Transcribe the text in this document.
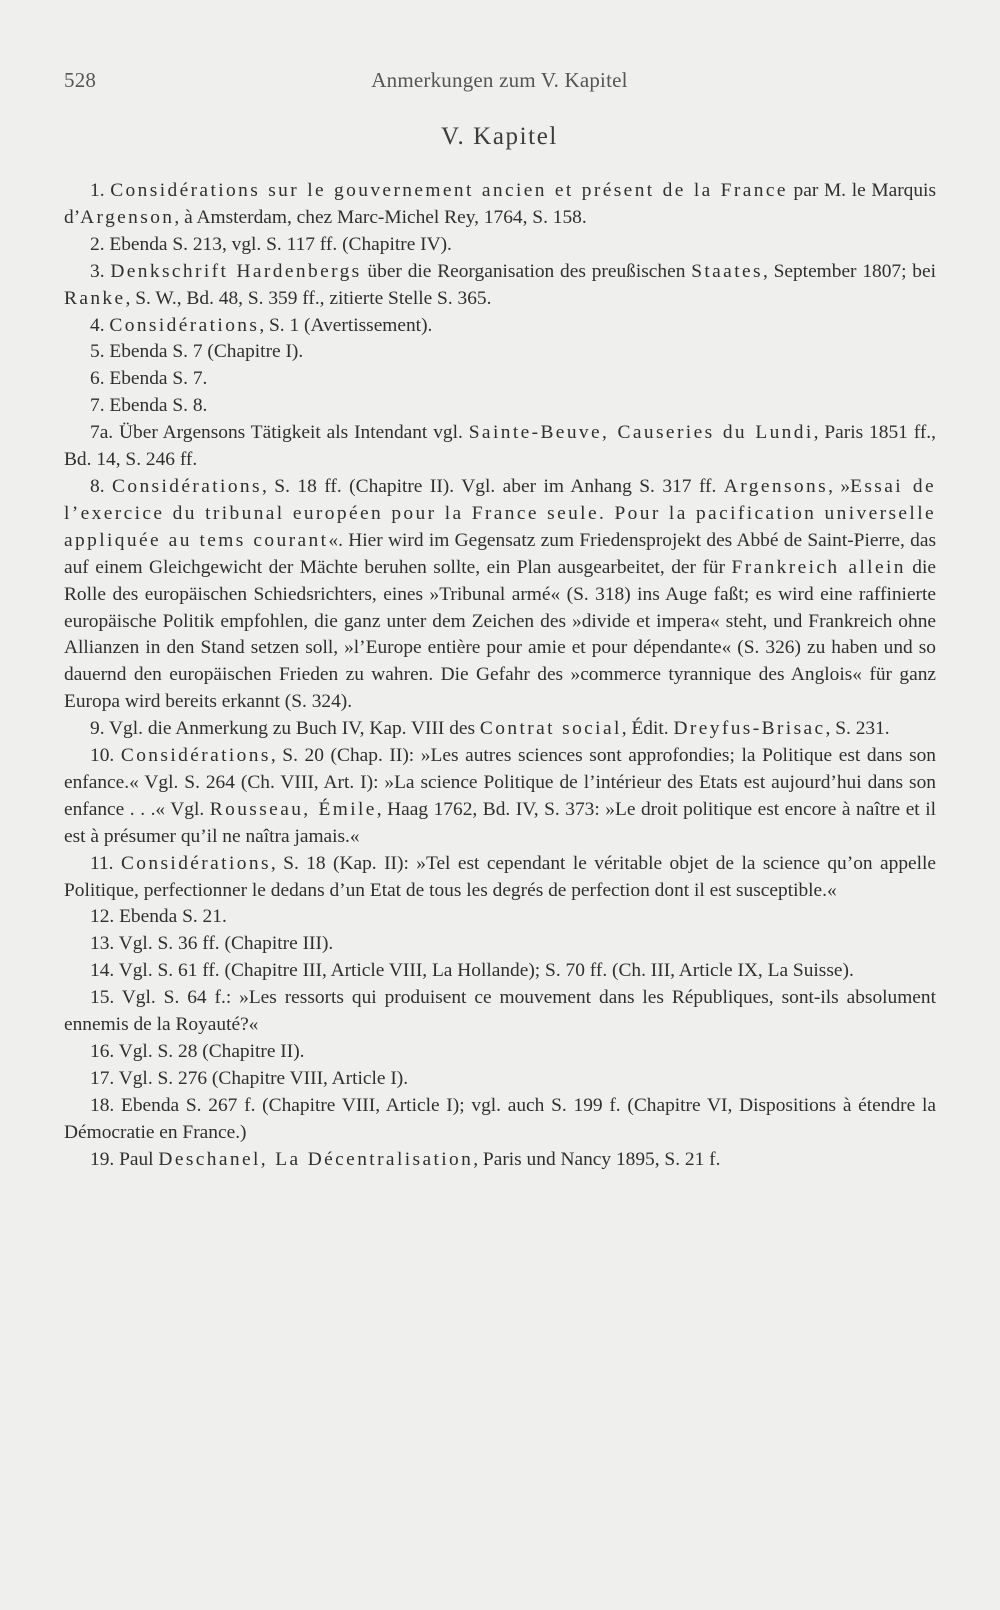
528	Anmerkungen zum V. Kapitel
V. Kapitel

1. Considérations sur le gouvernement ancien et présent de la France par M. le Marquis d’Argenson, à Amsterdam, chez Marc-Michel Rey, 1764, S. 158.

2. Ebenda S. 213, vgl. S. 117 ff. (Chapitre IV).

3. Denkschrift Hardenbergs über die Reorganisation des preußischen Staates, September 1807; bei Ranke, S. W., Bd. 48, S. 359 ff., zitierte Stelle S. 365.

4. Considérations, S. 1 (Avertissement).

5. Ebenda S. 7 (Chapitre I).

6. Ebenda S. 7.

7. Ebenda S. 8.

7a. Über Argensons Tätigkeit als Intendant vgl. Sainte-Beuve, Causeries du Lundi, Paris 1851 ff., Bd. 14, S. 246 ff.

8. Considérations, S. 18 ff. (Chapitre II). Vgl. aber im Anhang S. 317 ff. Argensons, »Essai de l’exercice du tribunal européen pour la France seule. Pour la pacification universelle appliquée au tems courant«. Hier wird im Gegensatz zum Friedensprojekt des Abbé de Saint-Pierre, das auf einem Gleichgewicht der Mächte beruhen sollte, ein Plan ausgearbeitet, der für Frankreich allein die Rolle des europäischen Schiedsrichters, eines »Tribunal armé« (S. 318) ins Auge faßt; es wird eine raffinierte europäische Politik empfohlen, die ganz unter dem Zeichen des »divide et impera« steht, und Frankreich ohne Allianzen in den Stand setzen soll, »l’Europe entière pour amie et pour dépendante« (S. 326) zu haben und so dauernd den europäischen Frieden zu wahren. Die Gefahr des »commerce tyrannique des Anglois« für ganz Europa wird bereits erkannt (S. 324).

9. Vgl. die Anmerkung zu Buch IV, Kap. VIII des Contrat social, Édit. Dreyfus-Brisac, S. 231.

10. Considérations, S. 20 (Chap. II): »Les autres sciences sont approfondies; la Politique est dans son enfance.« Vgl. S. 264 (Ch. VIII, Art. I): »La science Politique de l’intérieur des Etats est aujourd’hui dans son enfance . . .« Vgl. Rousseau, Émile, Haag 1762, Bd. IV, S. 373: »Le droit politique est encore à naître et il est à présumer qu’il ne naîtra jamais.«

11. Considérations, S. 18 (Kap. II): »Tel est cependant le véritable objet de la science qu’on appelle Politique, perfectionner le dedans d’un Etat de tous les degrés de perfection dont il est susceptible.«

12. Ebenda S. 21.

13. Vgl. S. 36 ff. (Chapitre III).

14. Vgl. S. 61 ff. (Chapitre III, Article VIII, La Hollande); S. 70 ff. (Ch. III, Article IX, La Suisse).

15. Vgl. S. 64 f.: »Les ressorts qui produisent ce mouvement dans les Républiques, sont-ils absolument ennemis de la Royauté?«

16. Vgl. S. 28 (Chapitre II).

17. Vgl. S. 276 (Chapitre VIII, Article I).

18. Ebenda S. 267 f. (Chapitre VIII, Article I); vgl. auch S. 199 f. (Chapitre VI, Dispositions à étendre la Démocratie en France.)

19. Paul Deschanel, La Décentralisation, Paris und Nancy 1895, S. 21 f.
